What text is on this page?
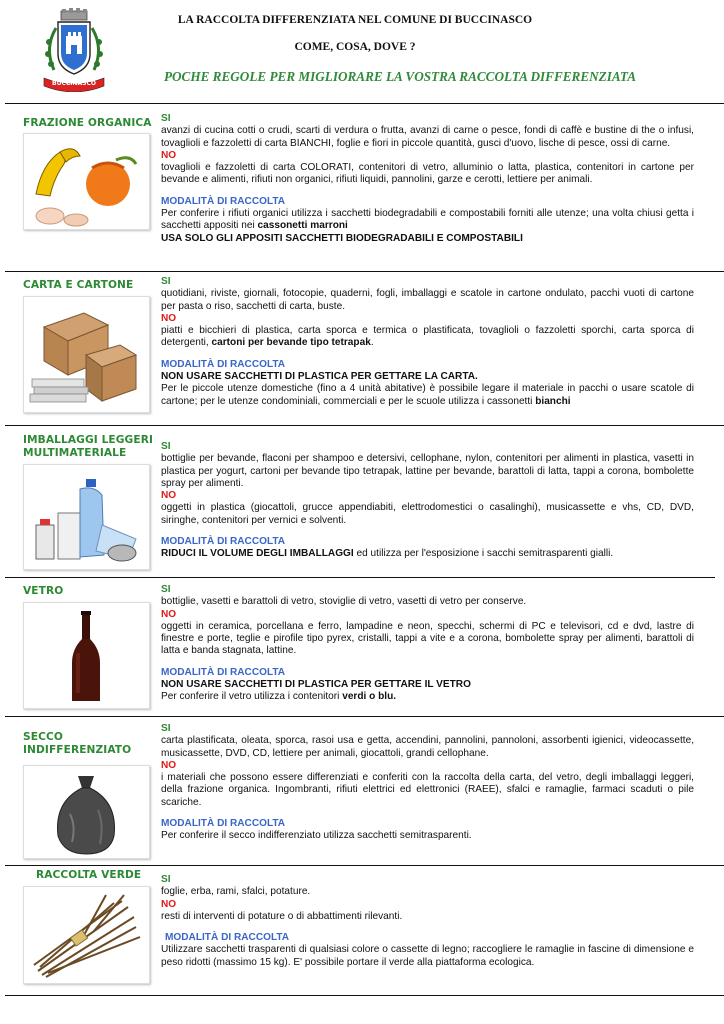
BUCCINASCO
LA RACCOLTA DIFFERENZIATA NEL COMUNE DI BUCCINASCO
COME, COSA, DOVE ?
POCHE REGOLE PER MIGLIORARE LA VOSTRA RACCOLTA DIFFERENZIATA
FRAZIONE ORGANICA SI

avanzi di cucina cotti o crudi, scarti di verdura o frutta, avanzi di carne o pesce, fondi di caffè e bustine di the o infusi, tovaglioli e fazzoletti di carta BIANCHI, foglie e fiori in piccole quantità, gusci d'uovo, lische di pesce, ossi di carne.

NO

tovaglioli e fazzoletti di carta COLORATI, contenitori di vetro, alluminio o latta, plastica, contenitori in cartone per bevande e alimenti, rifiuti non organici, rifiuti liquidi, pannolini, garze e cerotti, lettiere per animali.

MODALITÀ DI RACCOLTA

Per conferire i rifiuti organici utilizza i sacchetti biodegradabili e compostabili forniti alle utenze; una volta chiusi getta i sacchetti appositi nei cassonetti marroni

USA SOLO GLI APPOSITI SACCHETTI BIODEGRADABILI E COMPOSTABILI

CARTA E CARTONE	SI

quotidiani, riviste, giornali, fotocopie, quaderni, fogli, imballaggi e scatole in cartone ondulato, pacchi vuoti di cartone per pasta o riso, sacchetti di carta, buste.

NO

piatti e bicchieri di plastica, carta sporca e termica o plastificata, tovaglioli o fazzoletti sporchi, carta sporca di detergenti, cartoni per bevande tipo tetrapak.

MODALITÀ DI RACCOLTA

NON USARE SACCHETTI DI PLASTICA PER GETTARE LA CARTA.

Per le piccole utenze domestiche (fino a 4 unità abitative) è possibile legare il materiale in pacchi o usare scatole di cartone; per le utenze condominiali, commerciali e per le scuole utilizza i cassonetti bianchi

IMBALLAGGI LEGGERI
MULTIMATERIALE

SI

bottiglie per bevande, flaconi per shampoo e detersivi, cellophane, nylon, contenitori per alimenti in plastica, vasetti in plastica per yogurt, cartoni per bevande tipo tetrapak, lattine per bevande, barattoli di latta, tappi a corona, bombolette spray per alimenti.

NO

oggetti in plastica (giocattoli, grucce appendiabiti, elettrodomestici o casalinghi), musicassette e vhs, CD, DVD, siringhe, contenitori per vernici e solventi.

MODALITÀ DI RACCOLTA

RIDUCI IL VOLUME DEGLI IMBALLAGGI ed utilizza per l'esposizione i sacchi semitrasparenti gialli.

VETRO	SI

bottiglie, vasetti e barattoli di vetro, stoviglie di vetro, vasetti di vetro per conserve.

NO

oggetti in ceramica, porcellana e ferro, lampadine e neon, specchi, schermi di PC e televisori, cd e dvd, lastre di finestre e porte, teglie e pirofile tipo pyrex, cristalli, tappi a vite e a corona, bombolette spray per alimenti, barattoli di latta e banda stagnata, lattine.

MODALITÀ DI RACCOLTA

NON USARE SACCHETTI DI PLASTICA PER GETTARE IL VETRO

Per conferire il vetro utilizza i contenitori verdi o blu.

SECCO
INDIFFERENZIATO

SI

carta plastificata, oleata, sporca, rasoi usa e getta, accendini, pannolini, pannoloni, assorbenti igienici, videocassette, musicassette, DVD, CD, lettiere per animali, giocattoli, grandi cellophane.

NO

i materiali che possono essere differenziati e conferiti con la raccolta della carta, del vetro, degli imballaggi leggeri, della frazione organica. Ingombranti, rifiuti elettrici ed elettronici (RAEE), sfalci e ramaglie, farmaci scaduti o pile scariche.

MODALITÀ DI RACCOLTA

Per conferire il secco indifferenziato utilizza sacchetti semitrasparenti.

RACCOLTA VERDE SI

foglie, erba, rami, sfalci, potature.

NO

resti di interventi di potature o di abbattimenti rilevanti.

MODALITÀ DI RACCOLTA

Utilizzare sacchetti trasparenti di qualsiasi colore o cassette di legno; raccogliere le ramaglie in fascine di dimensione e peso ridotti (massimo 15 kg). E' possibile portare il verde alla piattaforma ecologica.
